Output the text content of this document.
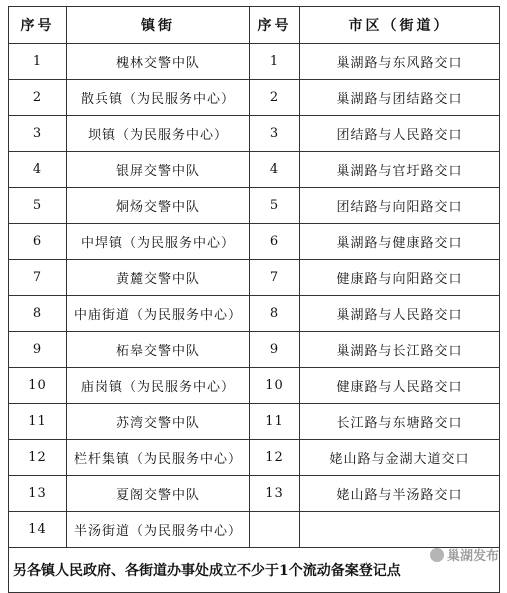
序号	镇街	序号	市区（街道）
1	槐林交警中队	1	巢湖路与东风路交口
2	散兵镇（为民服务中心）	2	巢湖路与团结路交口
3	坝镇（为民服务中心）	3	团结路与人民路交口
4	银屏交警中队	4	巢湖路与官圩路交口
5	烔炀交警中队	5	团结路与向阳路交口
6	中垾镇（为民服务中心）	6	巢湖路与健康路交口
7	黄麓交警中队	7	健康路与向阳路交口
8	中庙街道（为民服务中心）	8	巢湖路与人民路交口
9	柘皋交警中队	9	巢湖路与长江路交口
10	庙岗镇（为民服务中心）	10	健康路与人民路交口
11	苏湾交警中队	11	长江路与东塘路交口
12	栏杆集镇（为民服务中心）	12	姥山路与金湖大道交口
13	夏阁交警中队	13	姥山路与半汤路交口
14	半汤街道（为民服务中心）		
另各镇人民政府、各街道办事处成立不少于1个流动备案登记点			
巢湖发布
